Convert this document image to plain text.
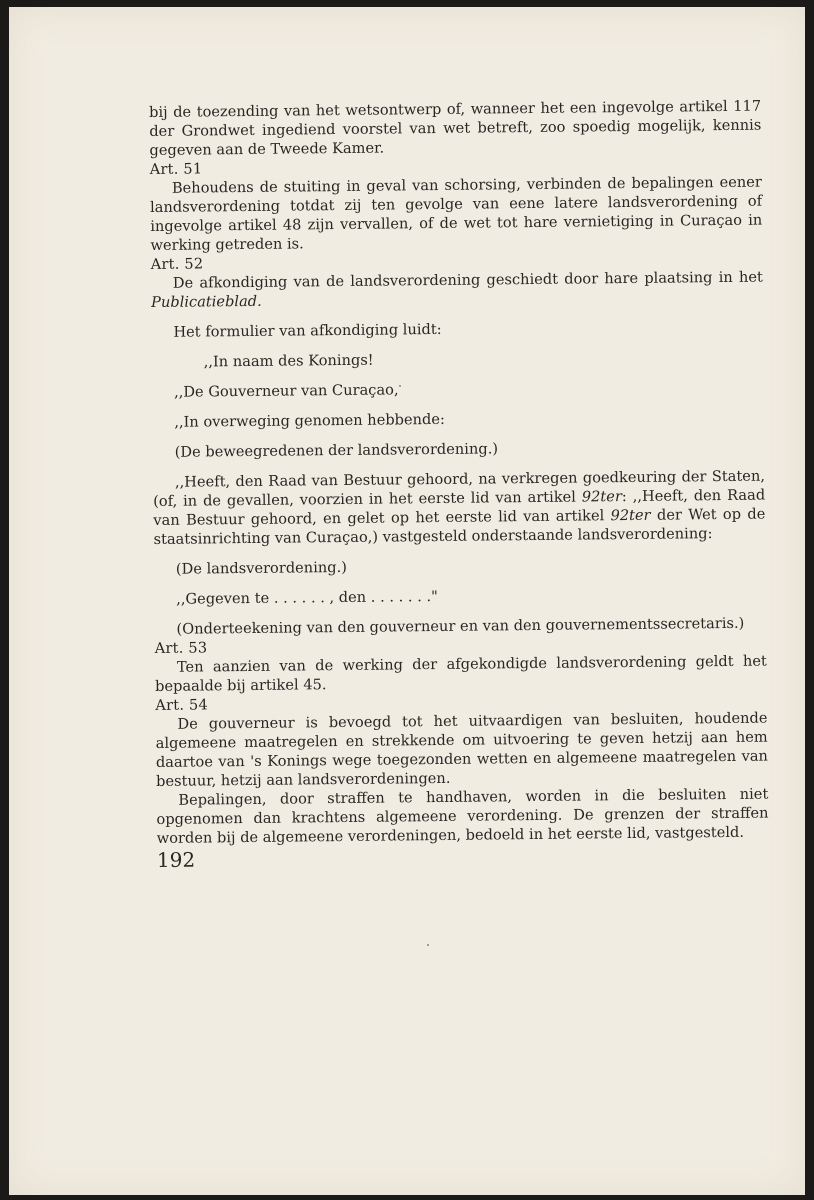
bij de toezending van het wetsontwerp of, wanneer het een ingevolge artikel 117 der Grondwet ingediend voorstel van wet betreft, zoo spoedig mogelijk, kennis gegeven aan de Tweede Kamer.

Art. 51

Behoudens de stuiting in geval van schorsing, verbinden de bepalingen eener landsverordening totdat zij ten gevolge van eene latere landsverordening of ingevolge artikel 48 zijn vervallen, of de wet tot hare vernietiging in Curaçao in werking getreden is.

Art. 52

De afkondiging van de landsverordening geschiedt door hare plaatsing in het Publicatieblad.

Het formulier van afkondiging luidt:

,,In naam des Konings!

,,De Gouverneur van Curaçao,

,,In overweging genomen hebbende:

(De beweegredenen der landsverordening.)

,,Heeft, den Raad van Bestuur gehoord, na verkregen goedkeuring der Staten, (of, in de gevallen, voorzien in het eerste lid van artikel 92ter: ,,Heeft, den Raad van Bestuur gehoord, en gelet op het eerste lid van artikel 92ter der Wet op de staatsinrichting van Curaçao,) vastgesteld onderstaande landsverordening:

(De landsverordening.)

,,Gegeven te . . . . . . , den . . . . . . ."

(Onderteekening van den gouverneur en van den gouvernementssecretaris.)

Art. 53

Ten aanzien van de werking der afgekondigde landsverordening geldt het bepaalde bij artikel 45.

Art. 54

De gouverneur is bevoegd tot het uitvaardigen van besluiten, houdende algemeene maatregelen en strekkende om uitvoering te geven hetzij aan hem daartoe van 's Konings wege toegezonden wetten en algemeene maatregelen van bestuur, hetzij aan landsverordeningen.

Bepalingen, door straffen te handhaven, worden in die besluiten niet opgenomen dan krachtens algemeene verordening. De grenzen der straffen worden bij de algemeene verordeningen, bedoeld in het eerste lid, vastgesteld.

192
